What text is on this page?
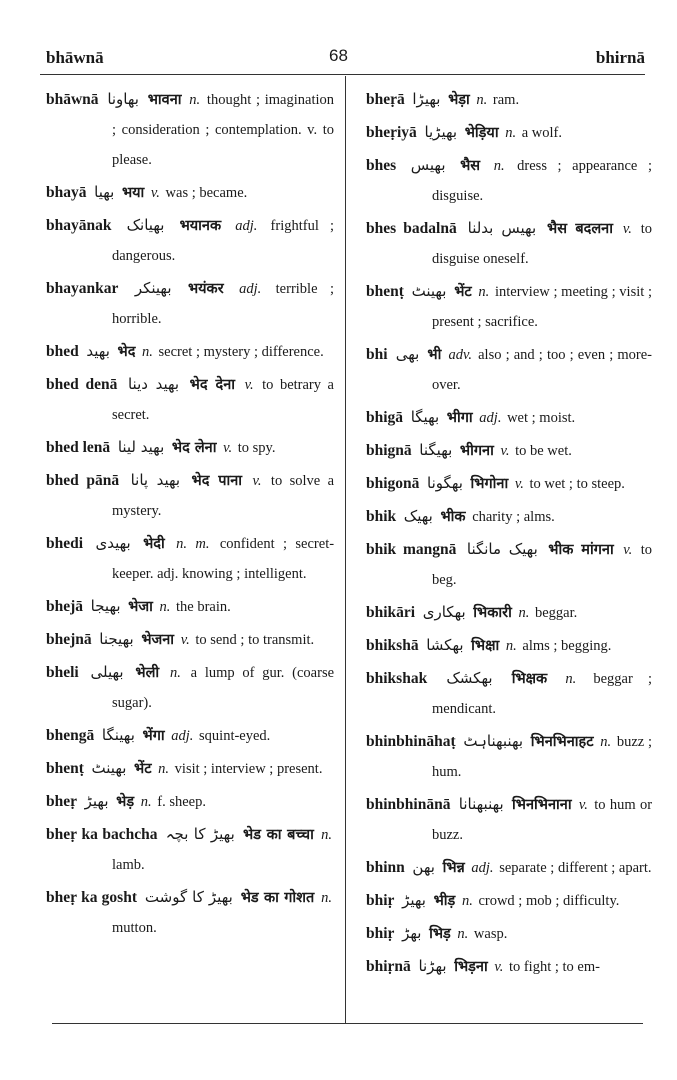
bhāwnā	68	bhirnā

bhāwnā بھاونا भावना n. thought ; imagination ; consideration ; contemplation. v. to please.

bhayā بھیا भया v. was ; became.

bhayānak بھیانک भयानक adj. frightful ; dangerous.

bhayankar بھینکر भयंकर adj. terrible ; horrible.

bhed بھید भेद n. secret ; mystery ; difference.

bhed denā بھید دینا भेद देना v. to betrary a secret.

bhed lenā بھید لینا भेद लेना v. to spy.

bhed pānā بھید پانا भेद पाना v. to solve a mystery.

bhedi بھیدی भेदी n. m. confident ; secret-keeper. adj. knowing ; intelligent.

bhejā بھیجا भेजा n. the brain.

bhejnā بھیجنا भेजना v. to send ; to transmit.

bheli بھیلی भेली n. a lump of gur. (coarse sugar).

bhengā بھینگا भेंगा adj. squint-eyed.

bhenṭ بھینٹ भेंट n. visit ; interview ; present.

bheṛ بھیڑ भेड़ n. f. sheep.

bheṛ ka bachcha بھیڑ کا بچہ भेड का बच्चा n. lamb.

bheṛ ka gosht بھیڑ کا گوشت भेड का गोशत n. mutton.

bheṛā بھیڑا भेड़ा n. ram.

bheṛiyā بھیڑیا भेड़िया n. a wolf.

bhes بھیس भैस n. dress ; appearance ; disguise.

bhes badalnā بھیس بدلنا भैस बदलना v. to disguise oneself.

bhenṭ بھینٹ भेंट n. interview ; meeting ; visit ; present ; sacrifice.

bhi بھی भी adv. also ; and ; too ; even ; more-over.

bhigā بھیگا भीगा adj. wet ; moist.

bhignā بھیگنا भीगना v. to be wet.

bhigonā بھگونا भिगोना v. to wet ; to steep.

bhik بھیک भीक charity ; alms.

bhik mangnā بھیک مانگنا भीक मांगना v. to beg.

bhikāri بھکاری भिकारी n. beggar.

bhikshā بھکشا भिक्षा n. alms ; begging.

bhikshak بھکشک भिक्षक n. beggar ; mendicant.

bhinbhināhaṭ بھنبھناہٹ भिनभिनाहट n. buzz ; hum.

bhinbhinānā بھنبھنانا भिनभिनाना v. to hum or buzz.

bhinn بھن भिन्न adj. separate ; different ; apart.

bhiṛ بھیڑ भीड़ n. crowd ; mob ; difficulty.

bhiṛ بھڑ भिड़ n. wasp.

bhiṛnā بھڑنا भिड़ना v. to fight ; to em-
